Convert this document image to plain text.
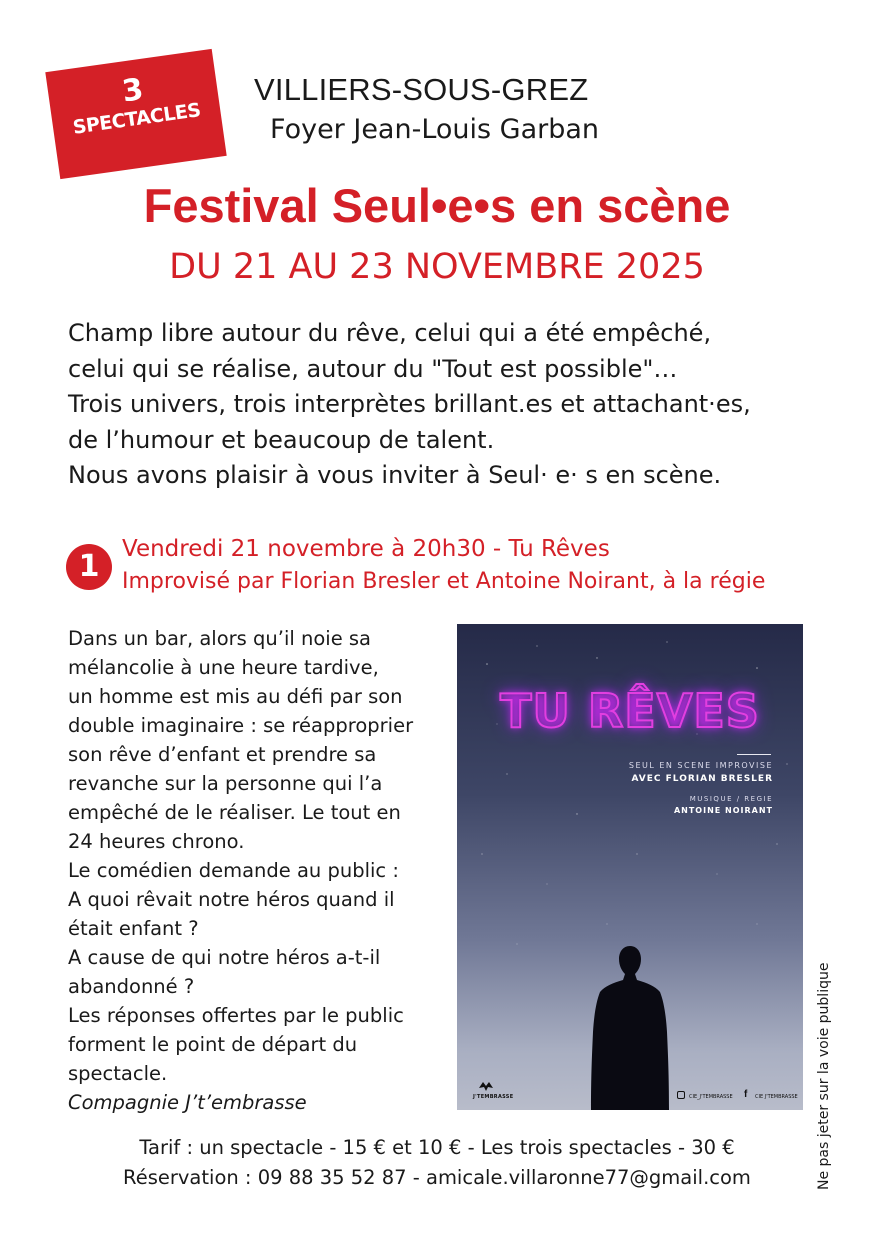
3
SPECTACLES
VILLIERS-SOUS-GREZ
Foyer Jean-Louis Garban
Festival Seul•e•s en scène
DU 21 AU 23 NOVEMBRE 2025
Champ libre autour du rêve, celui qui a été empêché,
celui qui se réalise, autour du "Tout est possible"…
Trois univers, trois interprètes brillant.es et attachant·es,
de l’humour et beaucoup de talent.
Nous avons plaisir à vous inviter à Seul· e· s en scène.
1 Vendredi 21 novembre à 20h30 - Tu Rêves
Improvisé par Florian Bresler et Antoine Noirant, à la régie
Dans un bar, alors qu’il noie sa
mélancolie à une heure tardive,
un homme est mis au défi par son
double imaginaire : se réapproprier
son rêve d’enfant et prendre sa
revanche sur la personne qui l’a
empêché de le réaliser. Le tout en
24 heures chrono.
Le comédien demande au public :
A quoi rêvait notre héros quand il
était enfant ?
A cause de qui notre héros a-t-il
abandonné ?
Les réponses offertes par le public
forment le point de départ du
spectacle.
Compagnie J’t’embrasse
TU RÊVES
SEUL EN SCENE IMPROVISE
AVEC FLORIAN BRESLER
MUSIQUE / REGIE
ANTOINE NOIRANT
J'TEMBRASSE	CIE_J'TEMBRASSE f CIE J'TEMBRASSE
Tarif : un spectacle - 15 € et 10 € - Les trois spectacles - 30 €
Réservation : 09 88 35 52 87 - amicale.villaronne77@gmail.com	Ne pas jeter sur la voie publique
